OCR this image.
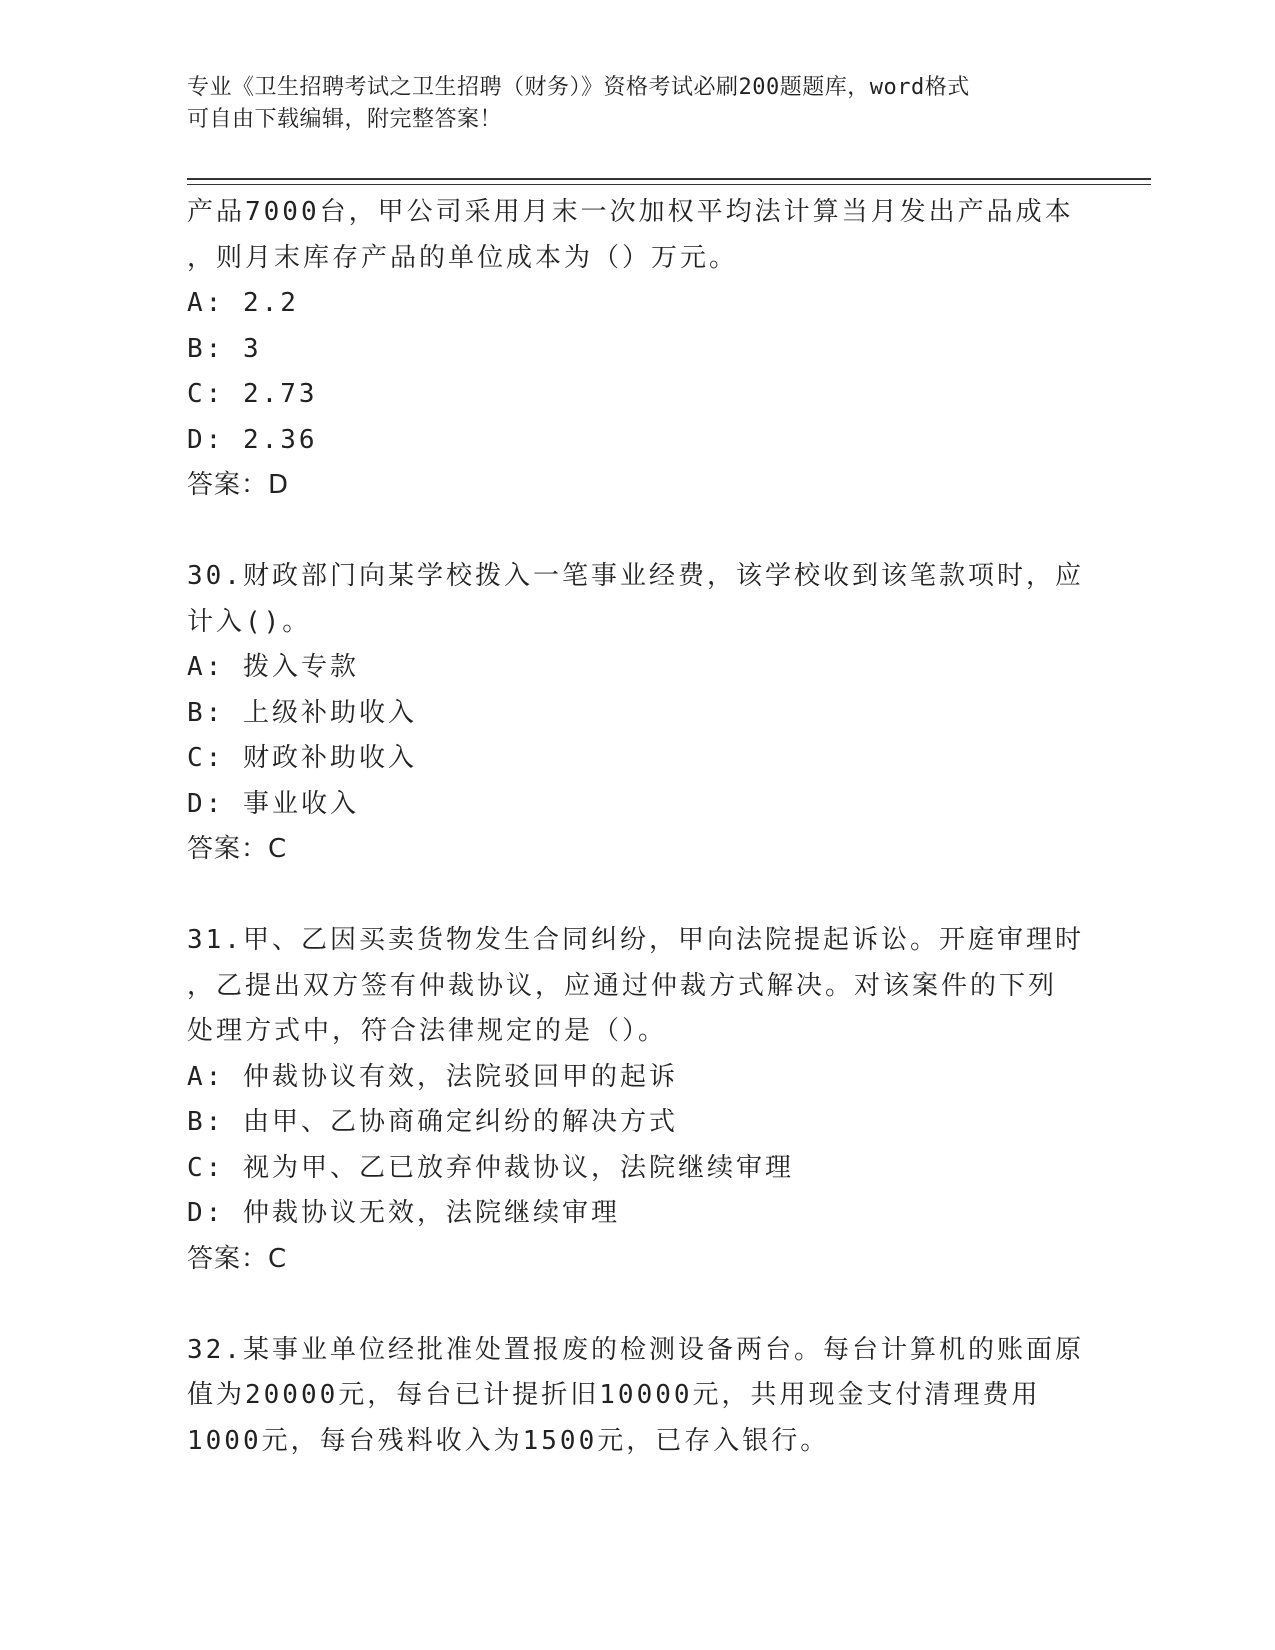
专业《卫生招聘考试之卫生招聘（财务）》资格考试必刷200题题库，word格式
可自由下载编辑，附完整答案！
产品7000台，甲公司采用月末一次加权平均法计算当月发出产品成本
，则月末库存产品的单位成本为（）万元。
A: 2.2
B: 3
C: 2.73
D: 2.36
答案：D
30.财政部门向某学校拨入一笔事业经费，该学校收到该笔款项时，应
计入()。
A: 拨入专款
B: 上级补助收入
C: 财政补助收入
D: 事业收入
答案：C
31.甲、乙因买卖货物发生合同纠纷，甲向法院提起诉讼。开庭审理时
，乙提出双方签有仲裁协议，应通过仲裁方式解决。对该案件的下列
处理方式中，符合法律规定的是（）。
A: 仲裁协议有效，法院驳回甲的起诉
B: 由甲、乙协商确定纠纷的解决方式
C: 视为甲、乙已放弃仲裁协议，法院继续审理
D: 仲裁协议无效，法院继续审理
答案：C
32.某事业单位经批准处置报废的检测设备两台。每台计算机的账面原
值为20000元，每台已计提折旧10000元，共用现金支付清理费用
1000元，每台残料收入为1500元，已存入银行。
